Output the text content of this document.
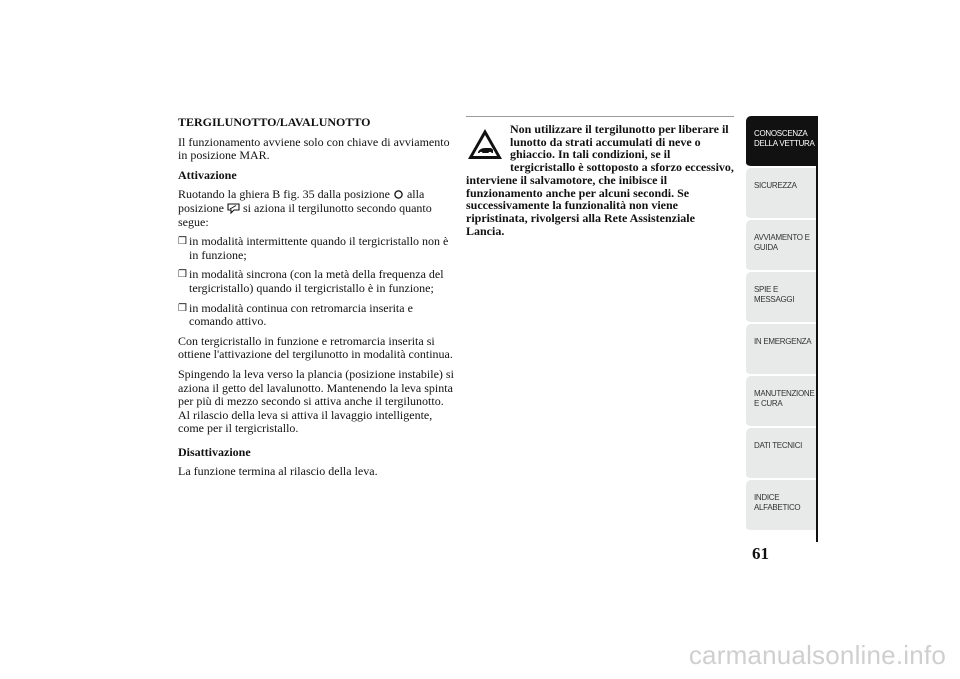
TERGILUNOTTO/LAVALUNOTTO

Il funzionamento avviene solo con chiave di avviamento in posizione MAR.

Attivazione

Ruotando la ghiera B fig. 35 dalla posizione alla posizione si aziona il tergilunotto secondo quanto segue:

❒ in modalità intermittente quando il tergicristallo non è in funzione;
❒ in modalità sincrona (con la metà della frequenza del tergicristallo) quando il tergicristallo è in funzione;
❒ in modalità continua con retromarcia inserita e comando attivo.

Con tergicristallo in funzione e retromarcia inserita si ottiene l'attivazione del tergilunotto in modalità continua.

Spingendo la leva verso la plancia (posizione instabile) si aziona il getto del lavalunotto. Mantenendo la leva spinta per più di mezzo secondo si attiva anche il tergilunotto. Al rilascio della leva si attiva il lavaggio intelligente, come per il tergicristallo.

Disattivazione

La funzione termina al rilascio della leva.

Non utilizzare il tergilunotto per liberare il lunotto da strati accumulati di neve o ghiaccio. In tali condizioni, se il tergicristallo è sottoposto a sforzo eccessivo, interviene il salvamotore, che inibisce il funzionamento anche per alcuni secondi. Se successivamente la funzionalità non viene ripristinata, rivolgersi alla Rete Assistenziale Lancia.
CONOSCENZA DELLA VETTURA
SICUREZZA
AVVIAMENTO E GUIDA
SPIE E MESSAGGI
IN EMERGENZA
MANUTENZIONE E CURA
DATI TECNICI
INDICE ALFABETICO
61
carmanualsonline.info
